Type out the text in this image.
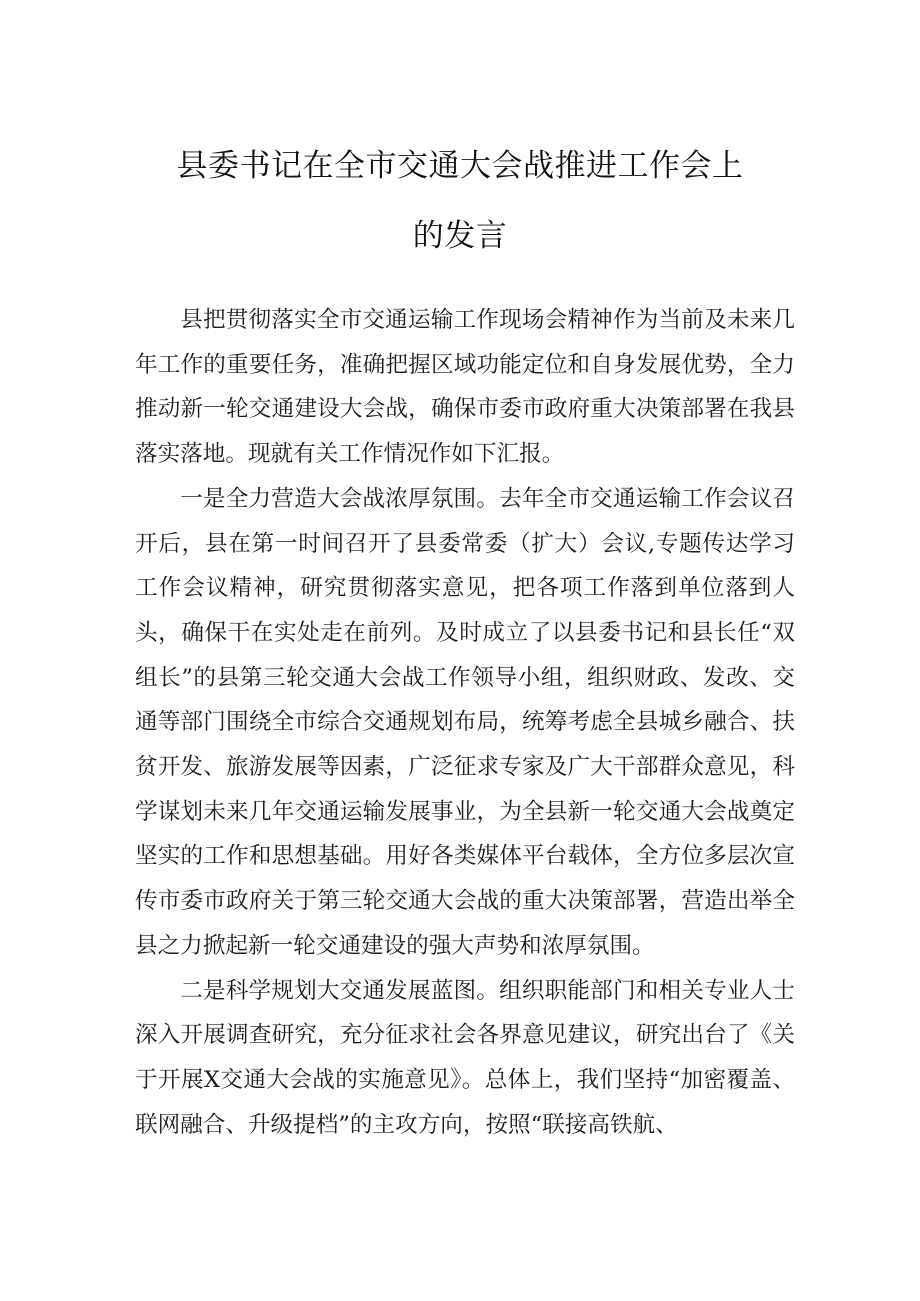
县委书记在全市交通大会战推进工作会上
的发言

县把贯彻落实全市交通运输工作现场会精神作为当前及未来几年工作的重要任务，准确把握区域功能定位和自身发展优势，全力推动新一轮交通建设大会战，确保市委市政府重大决策部署在我县落实落地。现就有关工作情况作如下汇报。

一是全力营造大会战浓厚氛围。去年全市交通运输工作会议召开后，县在第一时间召开了县委常委（扩大）会议,专题传达学习工作会议精神，研究贯彻落实意见，把各项工作落到单位落到人头，确保干在实处走在前列。及时成立了以县委书记和县长任“双组长”的县第三轮交通大会战工作领导小组，组织财政、发改、交通等部门围绕全市综合交通规划布局，统筹考虑全县城乡融合、扶贫开发、旅游发展等因素，广泛征求专家及广大干部群众意见，科学谋划未来几年交通运输发展事业，为全县新一轮交通大会战奠定坚实的工作和思想基础。用好各类媒体平台载体，全方位多层次宣传市委市政府关于第三轮交通大会战的重大决策部署，营造出举全县之力掀起新一轮交通建设的强大声势和浓厚氛围。

二是科学规划大交通发展蓝图。组织职能部门和相关专业人士深入开展调查研究，充分征求社会各界意见建议，研究出台了《关于开展X交通大会战的实施意见》。总体上，我们坚持“加密覆盖、联网融合、升级提档”的主攻方向，按照“联接高铁航、
